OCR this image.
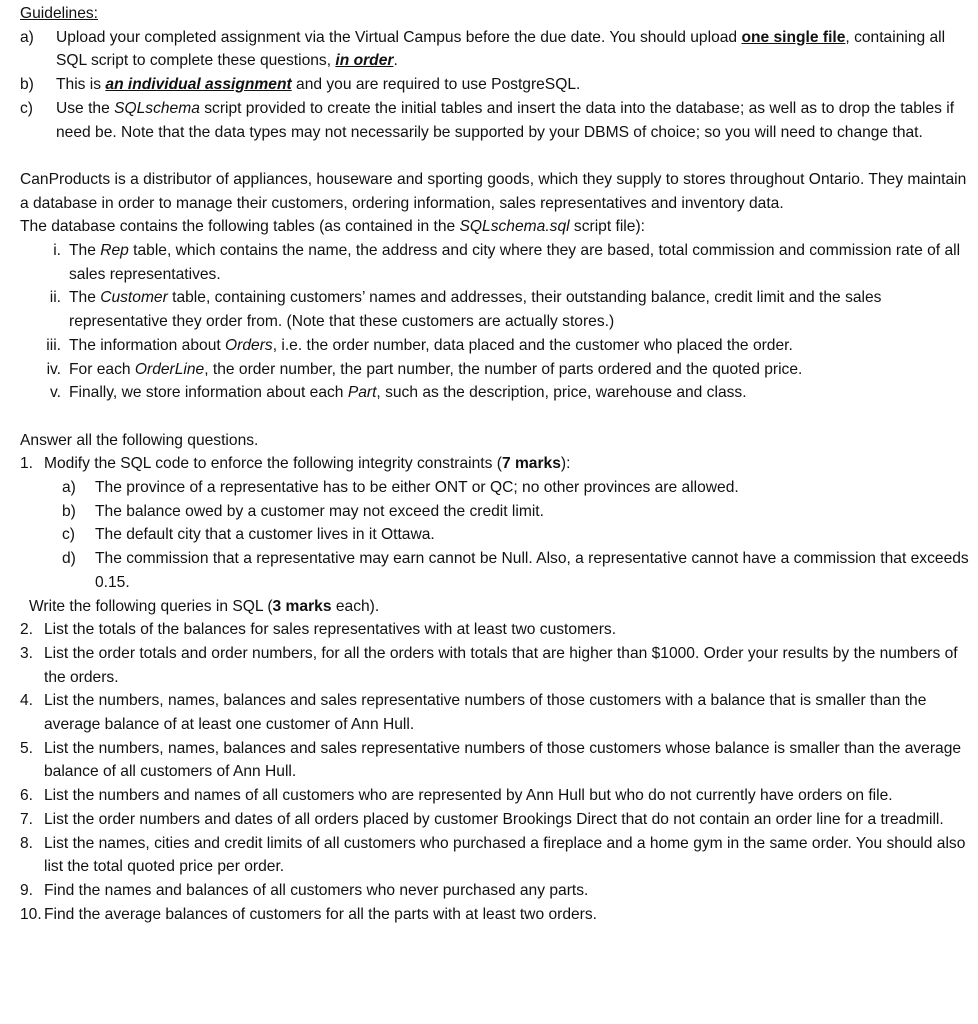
Guidelines:
a) Upload your completed assignment via the Virtual Campus before the due date. You should upload one single file, containing all SQL script to complete these questions, in order.
b) This is an individual assignment and you are required to use PostgreSQL.
c) Use the SQLschema script provided to create the initial tables and insert the data into the database; as well as to drop the tables if need be. Note that the data types may not necessarily be supported by your DBMS of choice; so you will need to change that.
CanProducts is a distributor of appliances, houseware and sporting goods, which they supply to stores throughout Ontario. They maintain a database in order to manage their customers, ordering information, sales representatives and inventory data.
The database contains the following tables (as contained in the SQLschema.sql script file):
i. The Rep table, which contains the name, the address and city where they are based, total commission and commission rate of all sales representatives.
ii. The Customer table, containing customers’ names and addresses, their outstanding balance, credit limit and the sales representative they order from. (Note that these customers are actually stores.)
iii. The information about Orders, i.e. the order number, data placed and the customer who placed the order.
iv. For each OrderLine, the order number, the part number, the number of parts ordered and the quoted price.
v. Finally, we store information about each Part, such as the description, price, warehouse and class.
Answer all the following questions.
1. Modify the SQL code to enforce the following integrity constraints (7 marks):
a) The province of a representative has to be either ONT or QC; no other provinces are allowed.
b) The balance owed by a customer may not exceed the credit limit.
c) The default city that a customer lives in it Ottawa.
d) The commission that a representative may earn cannot be Null. Also, a representative cannot have a commission that exceeds 0.15.
Write the following queries in SQL (3 marks each).
2. List the totals of the balances for sales representatives with at least two customers.
3. List the order totals and order numbers, for all the orders with totals that are higher than $1000. Order your results by the numbers of the orders.
4. List the numbers, names, balances and sales representative numbers of those customers with a balance that is smaller than the average balance of at least one customer of Ann Hull.
5. List the numbers, names, balances and sales representative numbers of those customers whose balance is smaller than the average balance of all customers of Ann Hull.
6. List the numbers and names of all customers who are represented by Ann Hull but who do not currently have orders on file.
7. List the order numbers and dates of all orders placed by customer Brookings Direct that do not contain an order line for a treadmill.
8. List the names, cities and credit limits of all customers who purchased a fireplace and a home gym in the same order. You should also list the total quoted price per order.
9. Find the names and balances of all customers who never purchased any parts.
10. Find the average balances of customers for all the parts with at least two orders.
